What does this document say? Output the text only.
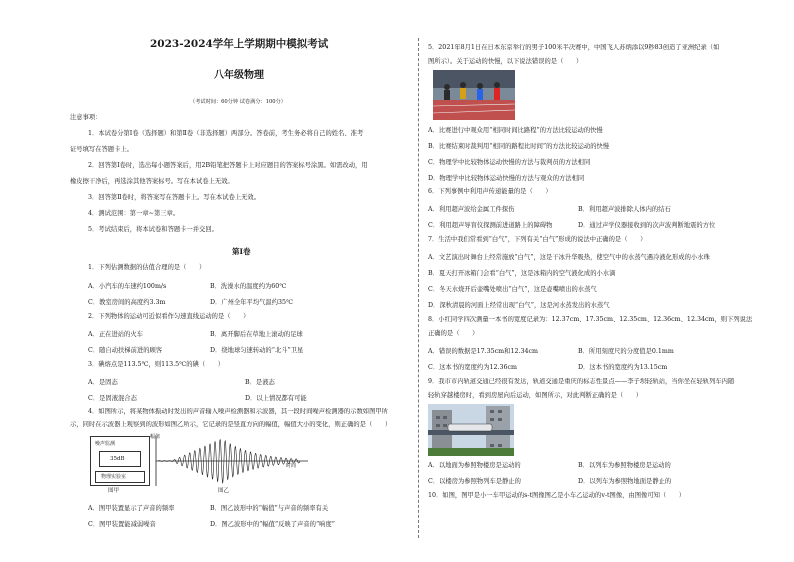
2023-2024学年上学期期中模拟考试
八年级物理
（考试时间：60分钟 试卷满分：100分）
注意事项：
1．本试卷分第Ⅰ卷（选择题）和第Ⅱ卷（非选择题）两部分。答卷前，考生务必将自己的姓名、准考
证号填写在答题卡上。
2．回答第Ⅰ卷时，选出每小题答案后，用2B铅笔把答题卡上对应题目的答案标号涂黑。如需改动，用
橡皮擦干净后，再选涂其他答案标号。写在本试卷上无效。
3．回答第Ⅱ卷时，将答案写在答题卡上。写在本试卷上无效。
4．测试范围：第一章~第三章。
5．考试结束后，将本试卷和答题卡一并交回。
第Ⅰ卷
1．下列估测数据的估值合理的是（　　）
A．小汽车的车速约100m/s	B．洗澡水的温度约为60℃
C．教室房间的高度约3.3m	D．广州全年平均气温约35℃
2．下列物体的运动可近似看作匀速直线运动的是（　　）
A．正在进站的火车	B．离开脚后在草地上滚动的足球
C．随自动扶梯前进的顾客	D．绕地球匀速转动的“北斗”卫星
3．碘熔点是113.5℃，则113.5℃的碘（　　）
A．是固态	B．是液态
C．是固液混合态	D．以上情况都有可能
4．如图所示，将某物体振动时发出的声音输入噪声检测器和示波器，其一段时间噪声检测器的示数如图甲所
示，同时在示波器上观察到的波形如图乙所示，它记录的是竖直方向的幅值，幅值大小的变化，则正确的是（　　）
噪声监测
35dB
物理实验室
图甲
幅值
时间
图乙
A．图甲装置显示了声音的频率	B．图乙波形中的“幅值”与声音的频率有关
C．图甲装置能减弱噪音	D．图乙波形中的“幅值”反映了声音的“响度”
5．2021年8月1日在日本东京举行的男子100米半决赛中，中国飞人苏炳添以9秒83创造了亚洲纪录（如
图所示）。关于运动的快慢，以下说法错误的是（　　）
A．比赛进行中观众用“相同时间比路程”的方法比较运动的快慢
B．比赛结束时裁判用“相同的路程比时间”的方法比较运动的快慢
C．物理学中比较物体运动快慢的方法与裁判员的方法相同
D．物理学中比较物体运动快慢的方法与观众的方法相同
6．下列事例中利用声传递能量的是（　　）
A．利用超声波给金属工件探伤	B．利用超声波排除人体内的结石
C．利用超声导盲仪探测前进道路上的障碍物	D．通过声学仪器接收到的次声波判断地震的方位
7．生活中我们常看到“白气”，下列有关“白气”形成的说法中正确的是（　　）
A．文艺演出时舞台上经常施放“白气”，这是干冰升华吸热，使空气中的水蒸气遇冷液化形成的小水珠
B．夏天打开冰箱门会看“白气”，这是冰箱内的空气液化成的小水滴
C．冬天水烧开后壶嘴处喷出“白气”，这是壶嘴喷出的水蒸气
D．深秋清晨的河面上经常出现“白气”，这是河水蒸发出的水蒸气
8．小红同学四次测量一本书的宽度记录为：12.37cm、17.35cm、12.35cm、12.36cm、12.34cm，则下列说法
正确的是（　　）
A．错误的数据是17.35cm和12.34cm	B．所用刻度尺的分度值是0.1mm
C．这本书的宽度约为12.36cm	D．这本书的宽度约为13.15cm
9．我市市内轨道交通已经很有发达，轨道交通是重庆的标志性景点——李子坝轻轨站，当你坐在轻轨列车内随
轻轨穿越楼房时，看到房屋向后运动，如图所示，对此判断正确的是（　　）
A．以地面为参照物楼房是运动的	B．以列车为参照物楼房是运动的
C．以楼房为参照物列车是静止的	D．以列车为参照物地面是静止的
10．如图，图甲是小一车甲运动的s-t图像图乙是小车乙运动的v-t图像，由图像可知（　　）
